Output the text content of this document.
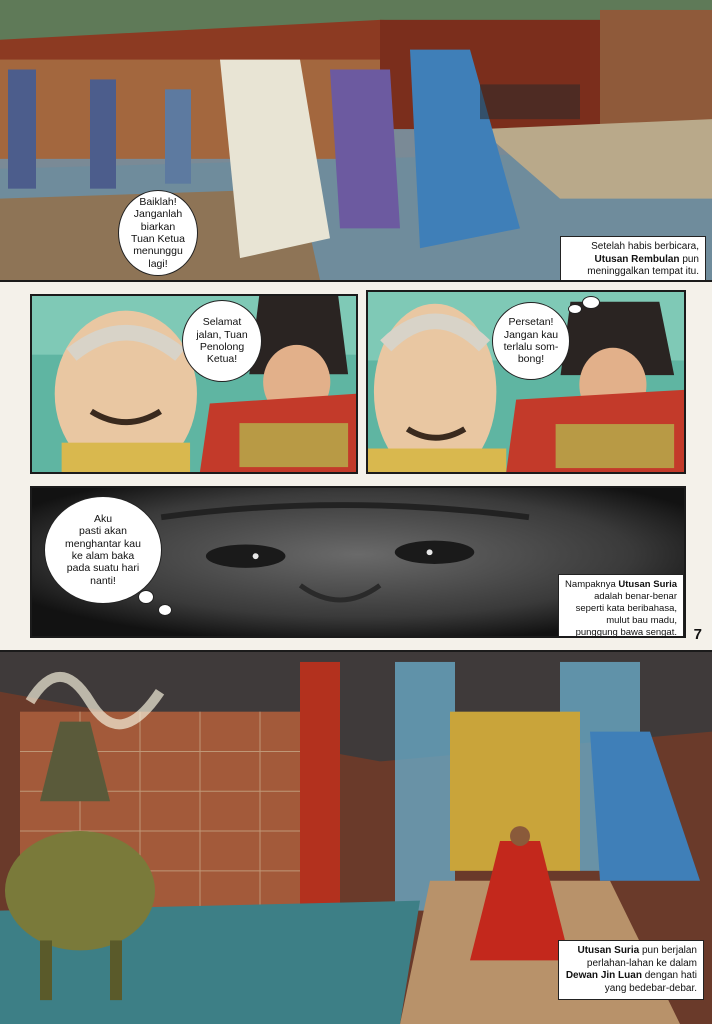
Baiklah!
Janganlah
biarkan
Tuan Ketua
menunggu
lagi!
Setelah habis berbicara, Utusan Rembulan pun meninggalkan tempat itu.
Selamat
jalan, Tuan
Penolong
Ketua!
Persetan!
Jangan kau
terlalu som-
bong!
Aku
pasti akan
menghantar kau
ke alam baka
pada suatu hari
nanti!	Nampaknya Utusan Suria adalah benar-benar seperti kata beribahasa, mulut bau madu, punggung bawa sengat.	7
Utusan Suria pun berjalan perlahan-lahan ke dalam Dewan Jin Luan dengan hati yang bedebar-debar.
